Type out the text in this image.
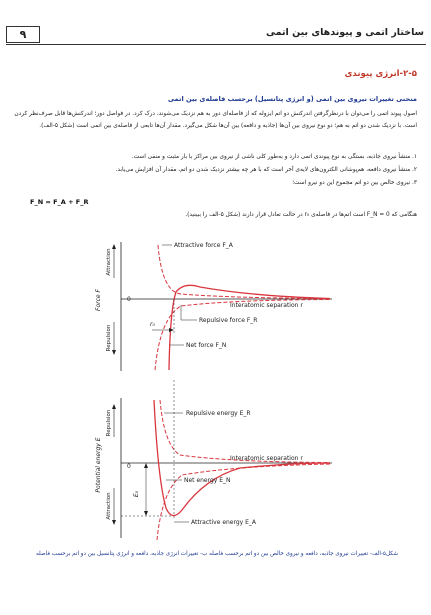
۹	ساختار اتمی و پیوندهای بین اتمی
۲-۵-انرژی پیوندی
منحنی تغییرات نیروی بین اتمی (و انرژی پتانسیل) برحسب فاصله‌ی بین اتمی
اصول پیوند اتمی را می‌توان با درنظرگرفتن اندرکنش دو اتم ایزوله که از فاصله‌ای دور به هم نزدیک می‌شوند، درک کرد. در فواصل دور؛ اندرکنش‌ها قابل صرف‌نظر کردن است. با نزدیک شدن دو اتم به هم؛ دو نوع نیروی بین آن‌ها (جاذبه و دافعه) بین آن‌ها شکل می‌گیرد. مقدار آن‌ها تابعی از فاصله‌ی بین اتمی است (شکل ۵-الف).
۱. منشأ نیروی جاذبه، بستگی به نوع پیوندی اتمی دارد و به‌طور کلی ناشی از نیروی بین مراکز با بار مثبت و منفی است.
۲. منشأ نیروی دافعه، هم‌پوشانی الکترون‌های لایه‌ی آخر است که با هر چه بیشتر نزدیک شدن دو اتم، مقدار آن افزایش می‌یابد.
۳. نیروی خالص بین دو اتم مجموع این دو نیرو است؛
F_N = F_A + F_R
هنگامی که F_N = 0 است اتم‌ها در فاصله‌ی r₀ در حالت تعادل قرار دارند (شکل ۵-الف را ببینید).
Attraction
Repulsion
Force F	0
Interatomic separation r
r₀
Attractive force F_A
Repulsive force F_R
Net force F_N
Repulsion
Attraction
Potential energy E	0
Interatomic separation r
E₀
Repulsive energy E_R
Net energy E_N
Attractive energy E_A
شکل۵-الف- تغییرات نیروی جاذبه، دافعه و نیروی خالص بین دو اتم برحسب فاصله ب- تغییرات انرژی جاذبه، دافعه و انرژی پتانسیل بین دو اتم برحسب فاصله
